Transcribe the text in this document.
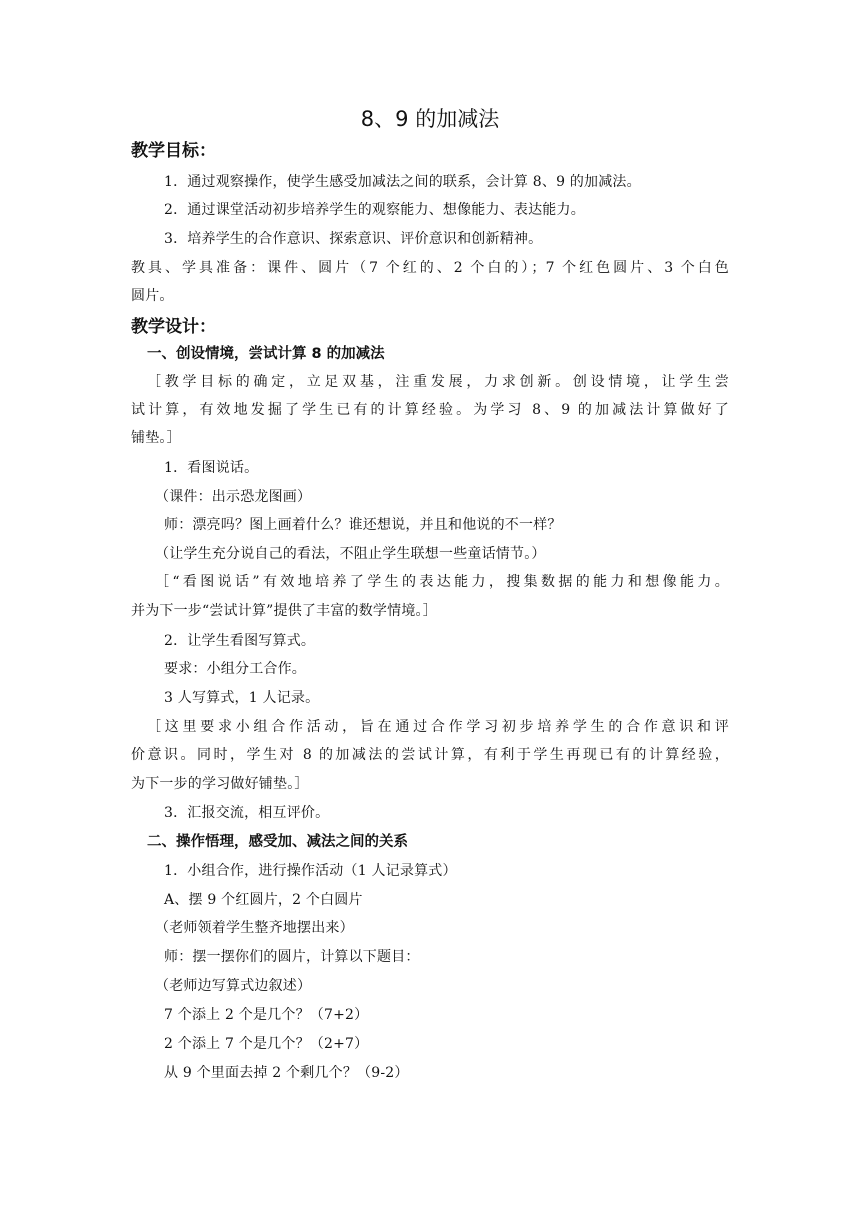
8、9 的加减法
教学目标：
1．通过观察操作，使学生感受加减法之间的联系，会计算 8、9 的加减法。
2．通过课堂活动初步培养学生的观察能力、想像能力、表达能力。
3．培养学生的合作意识、探索意识、评价意识和创新精神。
教具、学具准备：课件、圆片（7 个红的、2 个白的）；7 个红色圆片、3 个白色
圆片。
教学设计：
一、创设情境，尝试计算 8 的加减法
［教学目标的确定，立足双基，注重发展，力求创新。创设情境，让学生尝
试计算，有效地发掘了学生已有的计算经验。为学习 8、9 的加减法计算做好了
铺垫。］
1．看图说话。
（课件：出示恐龙图画）
师：漂亮吗？图上画着什么？谁还想说，并且和他说的不一样？
（让学生充分说自己的看法，不阻止学生联想一些童话情节。）
［“看图说话”有效地培养了学生的表达能力，搜集数据的能力和想像能力。
并为下一步“尝试计算”提供了丰富的数学情境。］
2．让学生看图写算式。
要求：小组分工合作。
3 人写算式，1 人记录。
［这里要求小组合作活动，旨在通过合作学习初步培养学生的合作意识和评
价意识。同时，学生对 8 的加减法的尝试计算，有利于学生再现已有的计算经验，
为下一步的学习做好铺垫。］
3．汇报交流，相互评价。
二、操作悟理，感受加、减法之间的关系
1．小组合作，进行操作活动（1 人记录算式）
A、摆 9 个红圆片，2 个白圆片
（老师领着学生整齐地摆出来）
师：摆一摆你们的圆片，计算以下题目：
（老师边写算式边叙述）
7 个添上 2 个是几个？（7+2）
2 个添上 7 个是几个？（2+7）
从 9 个里面去掉 2 个剩几个？（9-2）
